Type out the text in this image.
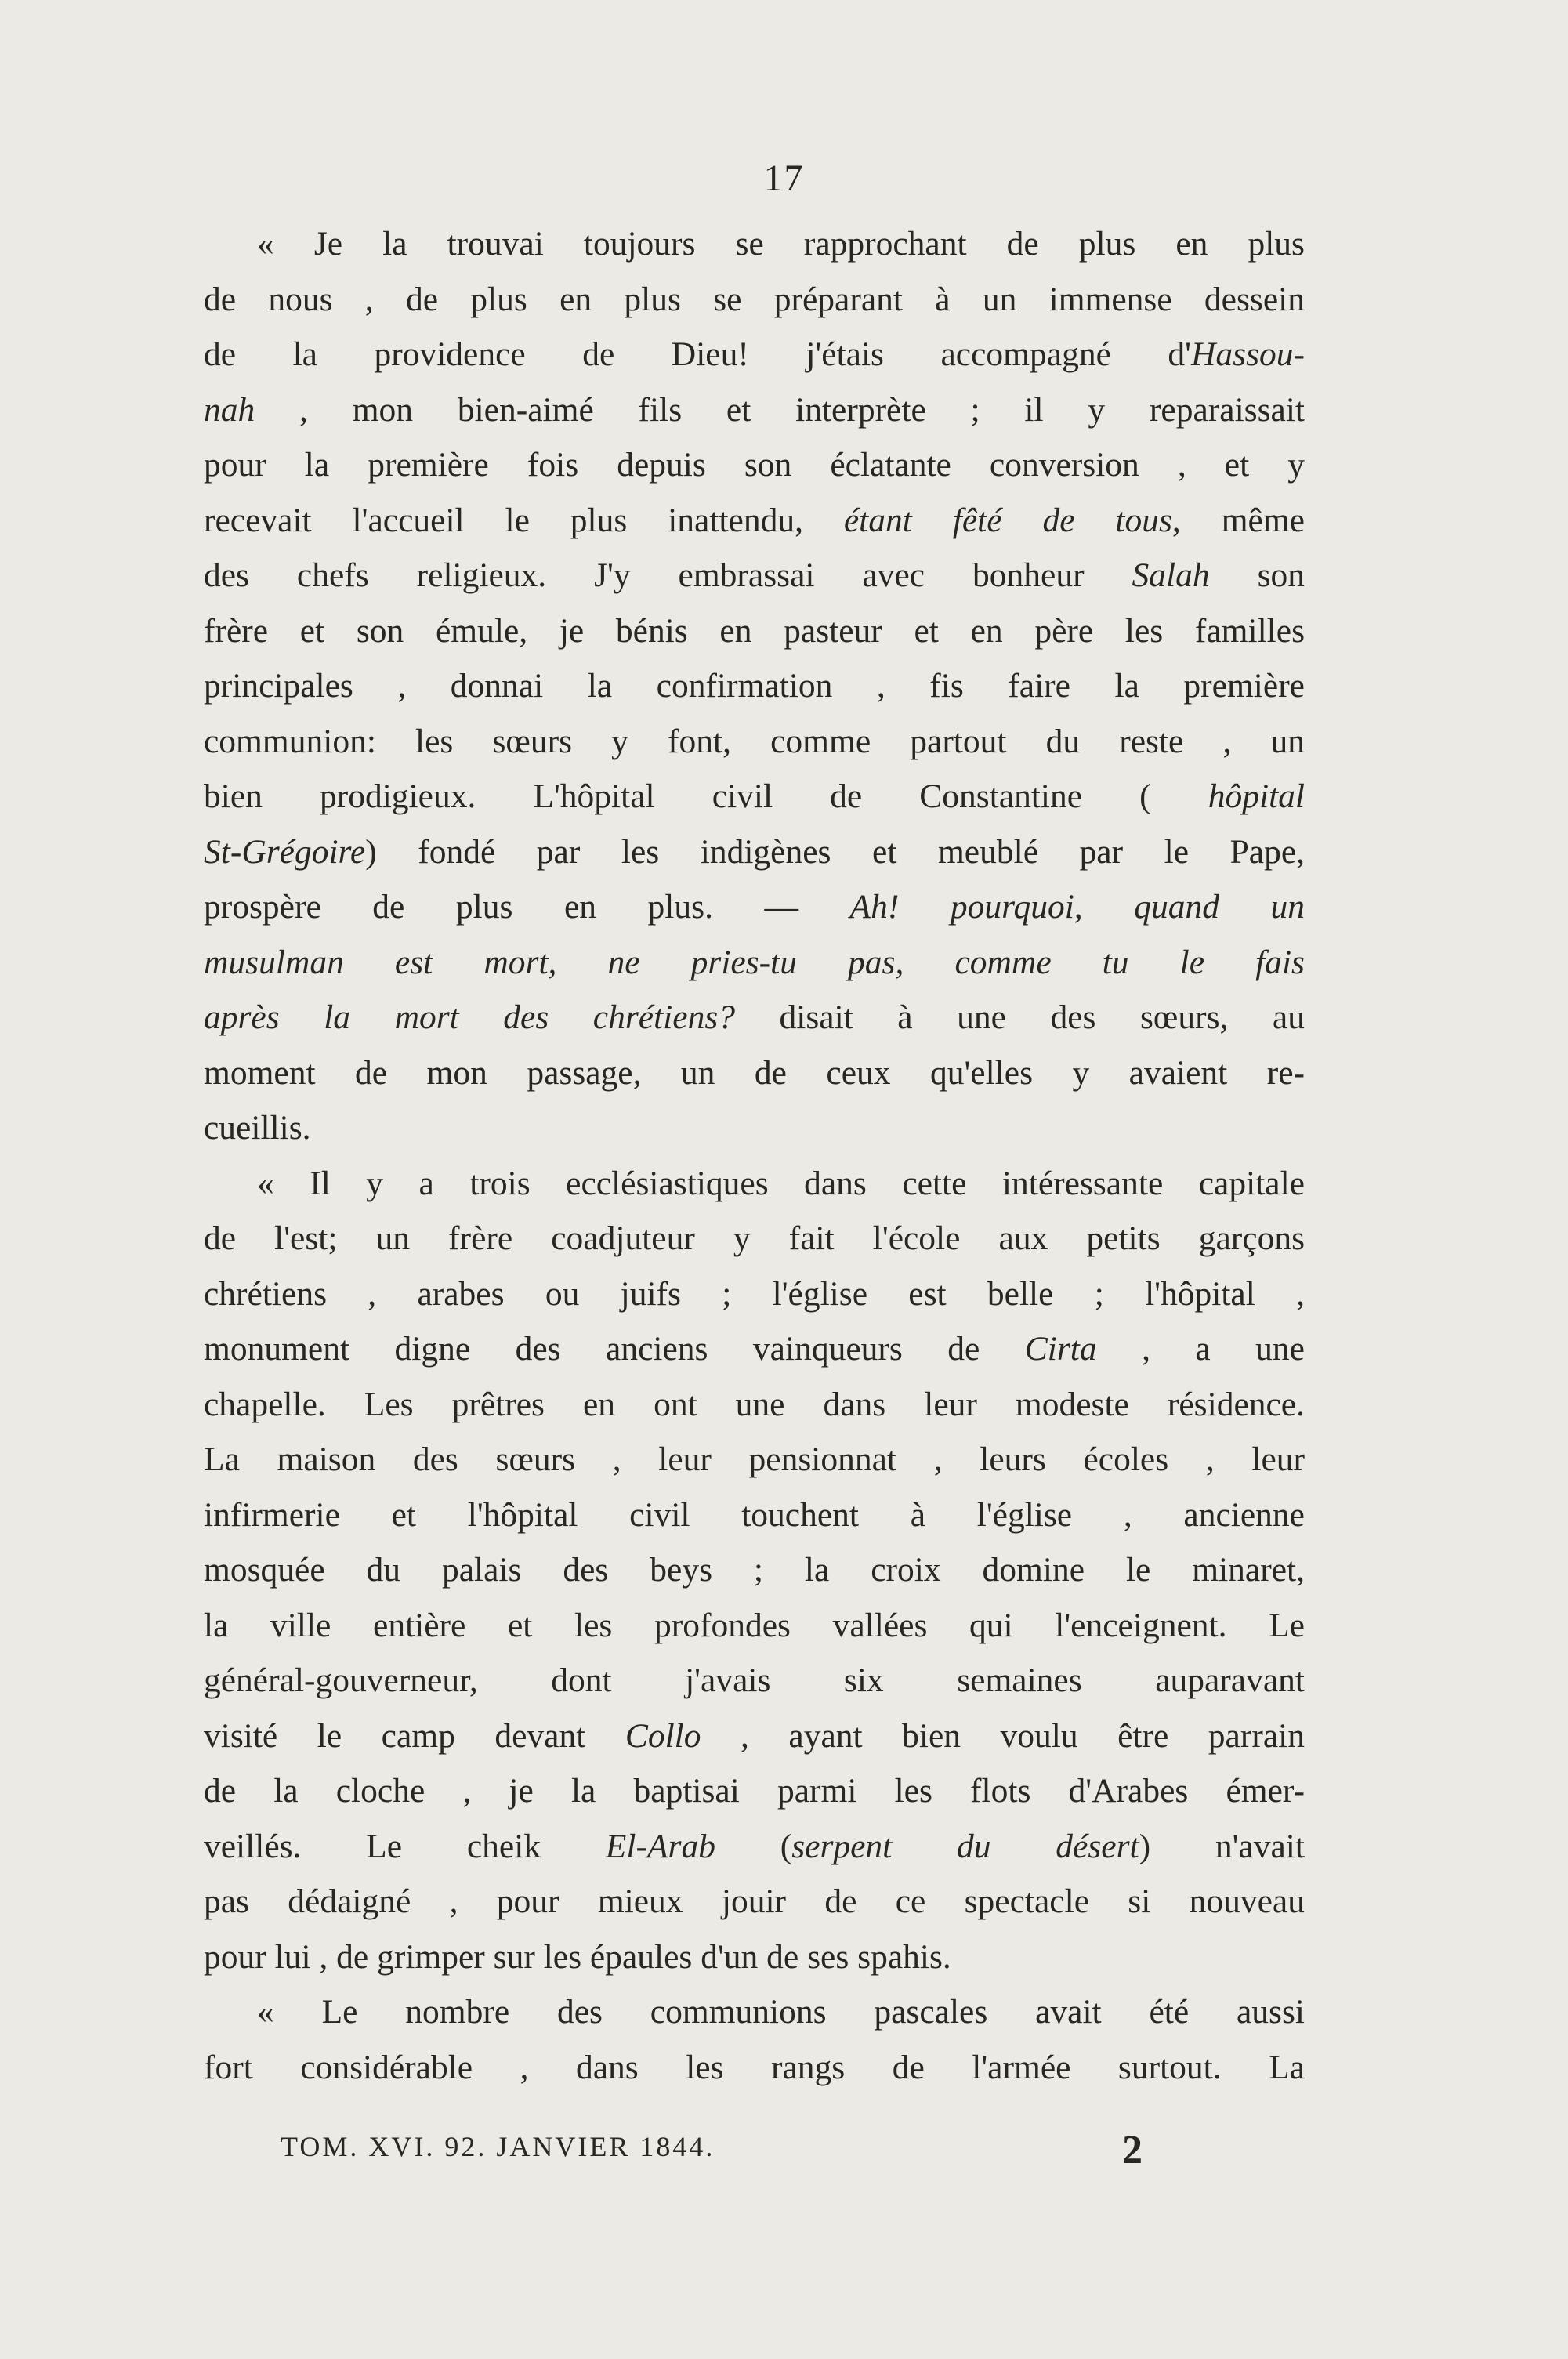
17
« Je la trouvai toujours se rapprochant de plus en plus
de nous , de plus en plus se préparant à un immense dessein
de la providence de Dieu! j'étais accompagné d'Hassou-
nah , mon bien-aimé fils et interprète ; il y reparaissait
pour la première fois depuis son éclatante conversion , et y
recevait l'accueil le plus inattendu, étant fêté de tous, même
des chefs religieux. J'y embrassai avec bonheur Salah son
frère et son émule, je bénis en pasteur et en père les familles
principales , donnai la confirmation , fis faire la première
communion: les sœurs y font, comme partout du reste , un
bien prodigieux. L'hôpital civil de Constantine ( hôpital
St-Grégoire) fondé par les indigènes et meublé par le Pape,
prospère de plus en plus. — Ah! pourquoi, quand un
musulman est mort, ne pries-tu pas, comme tu le fais
après la mort des chrétiens? disait à une des sœurs, au
moment de mon passage, un de ceux qu'elles y avaient re-
cueillis.
« Il y a trois ecclésiastiques dans cette intéressante capitale
de l'est; un frère coadjuteur y fait l'école aux petits garçons
chrétiens , arabes ou juifs ; l'église est belle ; l'hôpital ,
monument digne des anciens vainqueurs de Cirta , a une
chapelle. Les prêtres en ont une dans leur modeste résidence.
La maison des sœurs , leur pensionnat , leurs écoles , leur
infirmerie et l'hôpital civil touchent à l'église , ancienne
mosquée du palais des beys ; la croix domine le minaret,
la ville entière et les profondes vallées qui l'enceignent. Le
général-gouverneur, dont j'avais six semaines auparavant
visité le camp devant Collo , ayant bien voulu être parrain
de la cloche , je la baptisai parmi les flots d'Arabes émer-
veillés. Le cheik El-Arab (serpent du désert) n'avait
pas dédaigné , pour mieux jouir de ce spectacle si nouveau
pour lui , de grimper sur les épaules d'un de ses spahis.
« Le nombre des communions pascales avait été aussi
fort considérable , dans les rangs de l'armée surtout. La
TOM. XVI. 92. JANVIER 1844.	2
